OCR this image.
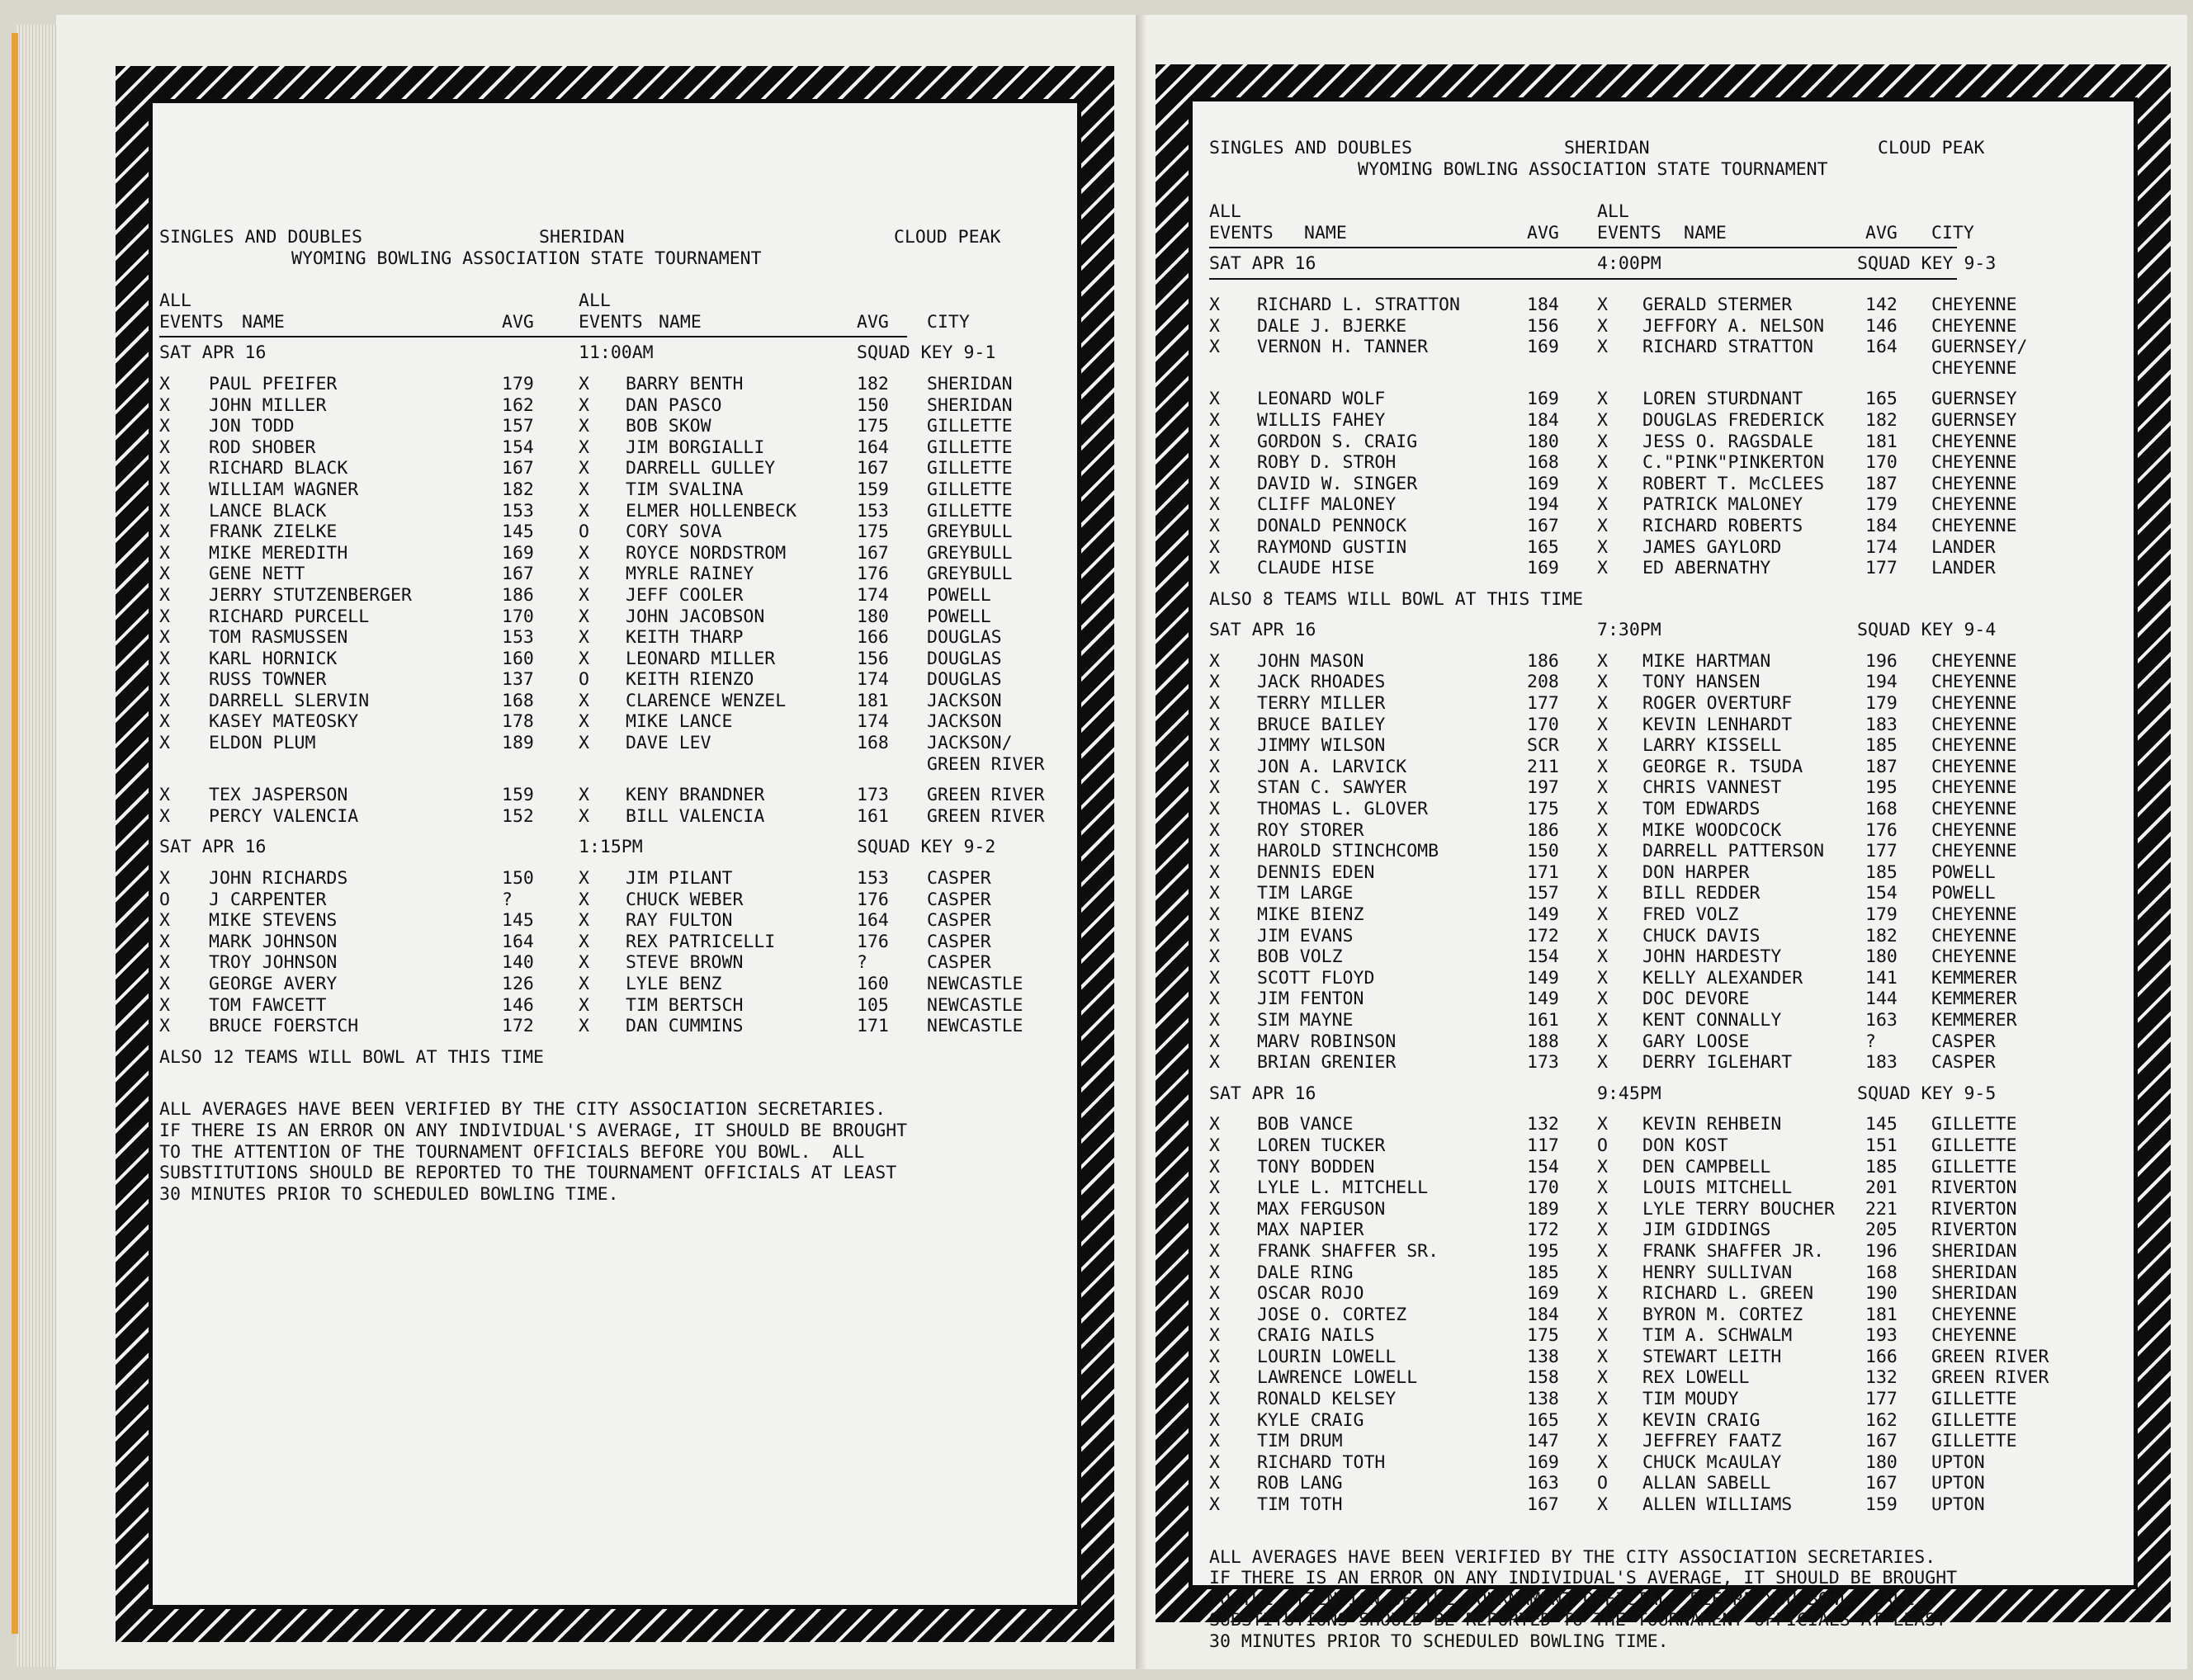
SINGLES AND DOUBLES	SHERIDAN	CLOUD PEAK
WYOMING BOWLING ASSOCIATION STATE TOURNAMENT
ALL	ALL
EVENTS NAME	AVG	EVENTS NAME	AVG CITY
SAT APR 16	11:00AM	SQUAD KEY 9-1
X PAUL PFEIFER	179	X BARRY BENTH	182 SHERIDAN
X JOHN MILLER	162	X DAN PASCO	150 SHERIDAN
X JON TODD	157	X BOB SKOW	175 GILLETTE
X ROD SHOBER	154	X JIM BORGIALLI	164 GILLETTE
X RICHARD BLACK	167	X DARRELL GULLEY	167 GILLETTE
X WILLIAM WAGNER	182	X TIM SVALINA	159 GILLETTE
X LANCE BLACK	153	X ELMER HOLLENBECK	153 GILLETTE
X FRANK ZIELKE	145	O CORY SOVA	175 GREYBULL
X MIKE MEREDITH	169	X ROYCE NORDSTROM	167 GREYBULL
X GENE NETT	167	X MYRLE RAINEY	176 GREYBULL
X JERRY STUTZENBERGER	186	X JEFF COOLER	174 POWELL
X RICHARD PURCELL	170	X JOHN JACOBSON	180 POWELL
X TOM RASMUSSEN	153	X KEITH THARP	166 DOUGLAS
X KARL HORNICK	160	X LEONARD MILLER	156 DOUGLAS
X RUSS TOWNER	137	O KEITH RIENZO	174 DOUGLAS
X DARRELL SLERVIN	168	X CLARENCE WENZEL	181 JACKSON
X KASEY MATEOSKY	178	X MIKE LANCE	174 JACKSON
X ELDON PLUM	189	X DAVE LEV	168 JACKSON/
GREEN RIVER
X TEX JASPERSON	159	X KENY BRANDNER	173 GREEN RIVER
X PERCY VALENCIA	152	X BILL VALENCIA	161 GREEN RIVER
SAT APR 16	1:15PM	SQUAD KEY 9-2
X JOHN RICHARDS	150	X JIM PILANT	153 CASPER
O J CARPENTER	?	X CHUCK WEBER	176 CASPER
X MIKE STEVENS	145	X RAY FULTON	164 CASPER
X MARK JOHNSON	164	X REX PATRICELLI	176 CASPER
X TROY JOHNSON	140	X STEVE BROWN	?	CASPER
X GEORGE AVERY	126	X LYLE BENZ	160 NEWCASTLE
X TOM FAWCETT	146	X TIM BERTSCH	105 NEWCASTLE
X BRUCE FOERSTCH	172	X DAN CUMMINS	171 NEWCASTLE
ALSO 12 TEAMS WILL BOWL AT THIS TIME
ALL AVERAGES HAVE BEEN VERIFIED BY THE CITY ASSOCIATION SECRETARIES.
IF THERE IS AN ERROR ON ANY INDIVIDUAL'S AVERAGE, IT SHOULD BE BROUGHT
TO THE ATTENTION OF THE TOURNAMENT OFFICIALS BEFORE YOU BOWL.  ALL
SUBSTITUTIONS SHOULD BE REPORTED TO THE TOURNAMENT OFFICIALS AT LEAST
30 MINUTES PRIOR TO SCHEDULED BOWLING TIME.
SINGLES AND DOUBLES	SHERIDAN	CLOUD PEAK
WYOMING BOWLING ASSOCIATION STATE TOURNAMENT
ALL	ALL
EVENTS NAME	AVG EVENTS NAME	AVG CITY
SAT APR 16	4:00PM	SQUAD KEY 9-3
X RICHARD L. STRATTON	184 X GERALD STERMER	142 CHEYENNE
X DALE J. BJERKE	156 X JEFFORY A. NELSON 146 CHEYENNE
X VERNON H. TANNER	169 X RICHARD STRATTON	164 GUERNSEY/
CHEYENNE
X LEONARD WOLF	169 X LOREN STURDNANT	165 GUERNSEY
X WILLIS FAHEY	184 X DOUGLAS FREDERICK 182 GUERNSEY
X GORDON S. CRAIG	180 X JESS O. RAGSDALE	181 CHEYENNE
X ROBY D. STROH	168 X C."PINK"PINKERTON 170 CHEYENNE
X DAVID W. SINGER	169 X ROBERT T. McCLEES 187 CHEYENNE
X CLIFF MALONEY	194 X PATRICK MALONEY	179 CHEYENNE
X DONALD PENNOCK	167 X RICHARD ROBERTS	184 CHEYENNE
X RAYMOND GUSTIN	165 X JAMES GAYLORD	174 LANDER
X CLAUDE HISE	169 X ED ABERNATHY	177 LANDER
ALSO 8 TEAMS WILL BOWL AT THIS TIME
SAT APR 16	7:30PM	SQUAD KEY 9-4
X JOHN MASON	186 X MIKE HARTMAN	196 CHEYENNE
X JACK RHOADES	208 X TONY HANSEN	194 CHEYENNE
X TERRY MILLER	177 X ROGER OVERTURF	179 CHEYENNE
X BRUCE BAILEY	170 X KEVIN LENHARDT	183 CHEYENNE
X JIMMY WILSON	SCR X LARRY KISSELL	185 CHEYENNE
X JON A. LARVICK	211 X GEORGE R. TSUDA	187 CHEYENNE
X STAN C. SAWYER	197 X CHRIS VANNEST	195 CHEYENNE
X THOMAS L. GLOVER	175 X TOM EDWARDS	168 CHEYENNE
X ROY STORER	186 X MIKE WOODCOCK	176 CHEYENNE
X HAROLD STINCHCOMB	150 X DARRELL PATTERSON 177 CHEYENNE
X DENNIS EDEN	171 X DON HARPER	185 POWELL
X TIM LARGE	157 X BILL REDDER	154 POWELL
X MIKE BIENZ	149 X FRED VOLZ	179 CHEYENNE
X JIM EVANS	172 X CHUCK DAVIS	182 CHEYENNE
X BOB VOLZ	154 X JOHN HARDESTY	180 CHEYENNE
X SCOTT FLOYD	149 X KELLY ALEXANDER	141 KEMMERER
X JIM FENTON	149 X DOC DEVORE	144 KEMMERER
X SIM MAYNE	161 X KENT CONNALLY	163 KEMMERER
X MARV ROBINSON	188 X GARY LOOSE	?	CASPER
X BRIAN GRENIER	173 X DERRY IGLEHART	183 CASPER
SAT APR 16	9:45PM	SQUAD KEY 9-5
X BOB VANCE	132 X KEVIN REHBEIN	145 GILLETTE
X LOREN TUCKER	117 O DON KOST	151 GILLETTE
X TONY BODDEN	154 X DEN CAMPBELL	185 GILLETTE
X LYLE L. MITCHELL	170 X LOUIS MITCHELL	201 RIVERTON
X MAX FERGUSON	189 X LYLE TERRY BOUCHER 221 RIVERTON
X MAX NAPIER	172 X JIM GIDDINGS	205 RIVERTON
X FRANK SHAFFER SR.	195 X FRANK SHAFFER JR. 196 SHERIDAN
X DALE RING	185 X HENRY SULLIVAN	168 SHERIDAN
X OSCAR ROJO	169 X RICHARD L. GREEN	190 SHERIDAN
X JOSE O. CORTEZ	184 X BYRON M. CORTEZ	181 CHEYENNE
X CRAIG NAILS	175 X TIM A. SCHWALM	193 CHEYENNE
X LOURIN LOWELL	138 X STEWART LEITH	166 GREEN RIVER
X LAWRENCE LOWELL	158 X REX LOWELL	132 GREEN RIVER
X RONALD KELSEY	138 X TIM MOUDY	177 GILLETTE
X KYLE CRAIG	165 X KEVIN CRAIG	162 GILLETTE
X TIM DRUM	147 X JEFFREY FAATZ	167 GILLETTE
X RICHARD TOTH	169 X CHUCK McAULAY	180 UPTON
X ROB LANG	163 O ALLAN SABELL	167 UPTON
X TIM TOTH	167 X ALLEN WILLIAMS	159 UPTON
ALL AVERAGES HAVE BEEN VERIFIED BY THE CITY ASSOCIATION SECRETARIES.
IF THERE IS AN ERROR ON ANY INDIVIDUAL'S AVERAGE, IT SHOULD BE BROUGHT
TO THE ATTENTION OF THE TOURNAMENT OFFICIALS BEFORE YOU BOWL.  ALL
SUBSTITUTIONS SHOULD BE REPORTED TO THE TOURNAMENT OFFICIALS AT LEAST
30 MINUTES PRIOR TO SCHEDULED BOWLING TIME.
